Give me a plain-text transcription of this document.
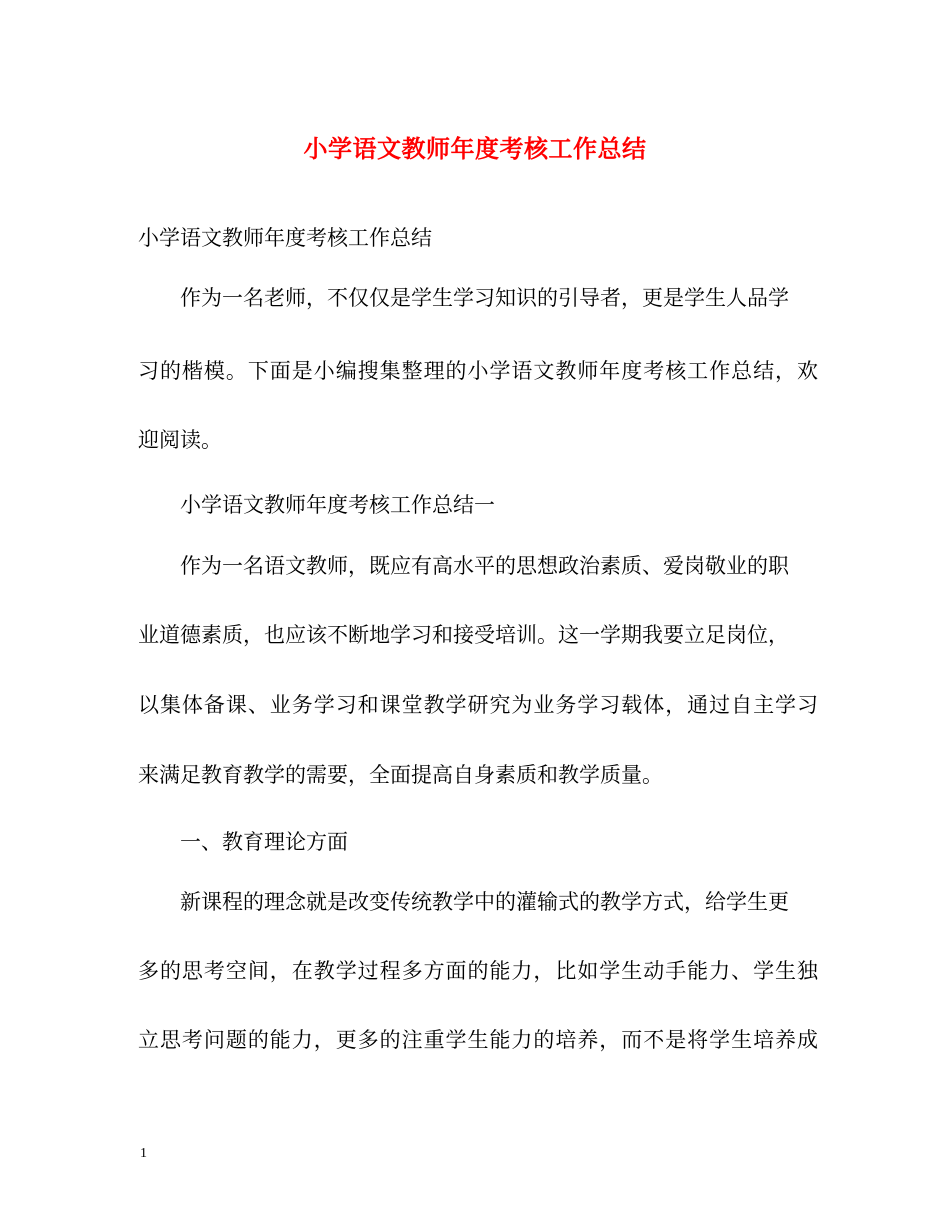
小学语文教师年度考核工作总结

小学语文教师年度考核工作总结

　　作为一名老师，不仅仅是学生学习知识的引导者，更是学生人品学

习的楷模。下面是小编搜集整理的小学语文教师年度考核工作总结，欢

迎阅读。

　　小学语文教师年度考核工作总结一

　　作为一名语文教师，既应有高水平的思想政治素质、爱岗敬业的职

业道德素质，也应该不断地学习和接受培训。这一学期我要立足岗位，

以集体备课、业务学习和课堂教学研究为业务学习载体，通过自主学习

来满足教育教学的需要，全面提高自身素质和教学质量。

　　一、教育理论方面

　　新课程的理念就是改变传统教学中的灌输式的教学方式，给学生更

多的思考空间，在教学过程多方面的能力，比如学生动手能力、学生独

立思考问题的能力，更多的注重学生能力的培养，而不是将学生培养成

1
